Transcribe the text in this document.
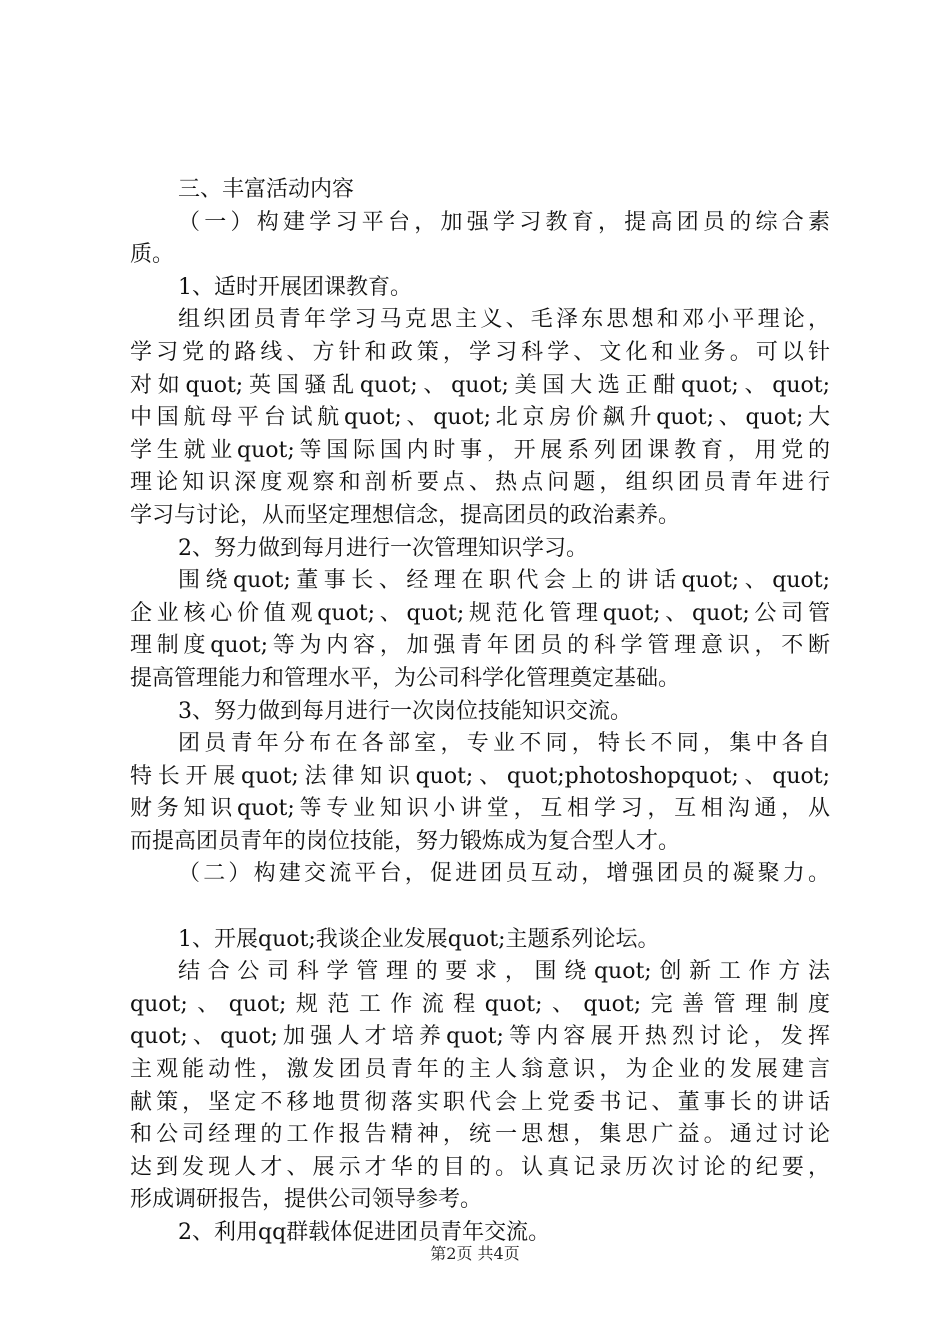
三、丰富活动内容
（一）构建学习平台，加强学习教育，提高团员的综合素
质。
1、适时开展团课教育。
组织团员青年学习马克思主义、毛泽东思想和邓小平理论，
学习党的路线、方针和政策，学习科学、文化和业务。可以针
对如quot;英国骚乱quot;、quot;美国大选正酣quot;、quot;
中国航母平台试航quot;、quot;北京房价飙升quot;、quot;大
学生就业quot;等国际国内时事，开展系列团课教育，用党的
理论知识深度观察和剖析要点、热点问题，组织团员青年进行
学习与讨论，从而坚定理想信念，提高团员的政治素养。
2、努力做到每月进行一次管理知识学习。
围绕quot;董事长、经理在职代会上的讲话quot;、quot;
企业核心价值观quot;、quot;规范化管理quot;、quot;公司管
理制度quot;等为内容，加强青年团员的科学管理意识，不断
提高管理能力和管理水平，为公司科学化管理奠定基础。
3、努力做到每月进行一次岗位技能知识交流。
团员青年分布在各部室，专业不同，特长不同，集中各自
特长开展quot;法律知识quot;、quot;photoshopquot;、quot;
财务知识quot;等专业知识小讲堂，互相学习，互相沟通，从
而提高团员青年的岗位技能，努力锻炼成为复合型人才。
（二）构建交流平台，促进团员互动，增强团员的凝聚力。
1、开展quot;我谈企业发展quot;主题系列论坛。
结合公司科学管理的要求，围绕quot;创新工作方法
quot;、quot;规范工作流程quot;、quot;完善管理制度
quot;、quot;加强人才培养quot;等内容展开热烈讨论，发挥
主观能动性，激发团员青年的主人翁意识，为企业的发展建言
献策，坚定不移地贯彻落实职代会上党委书记、董事长的讲话
和公司经理的工作报告精神，统一思想，集思广益。通过讨论
达到发现人才、展示才华的目的。认真记录历次讨论的纪要，
形成调研报告，提供公司领导参考。
2、利用qq群载体促进团员青年交流。
第2页 共4页
